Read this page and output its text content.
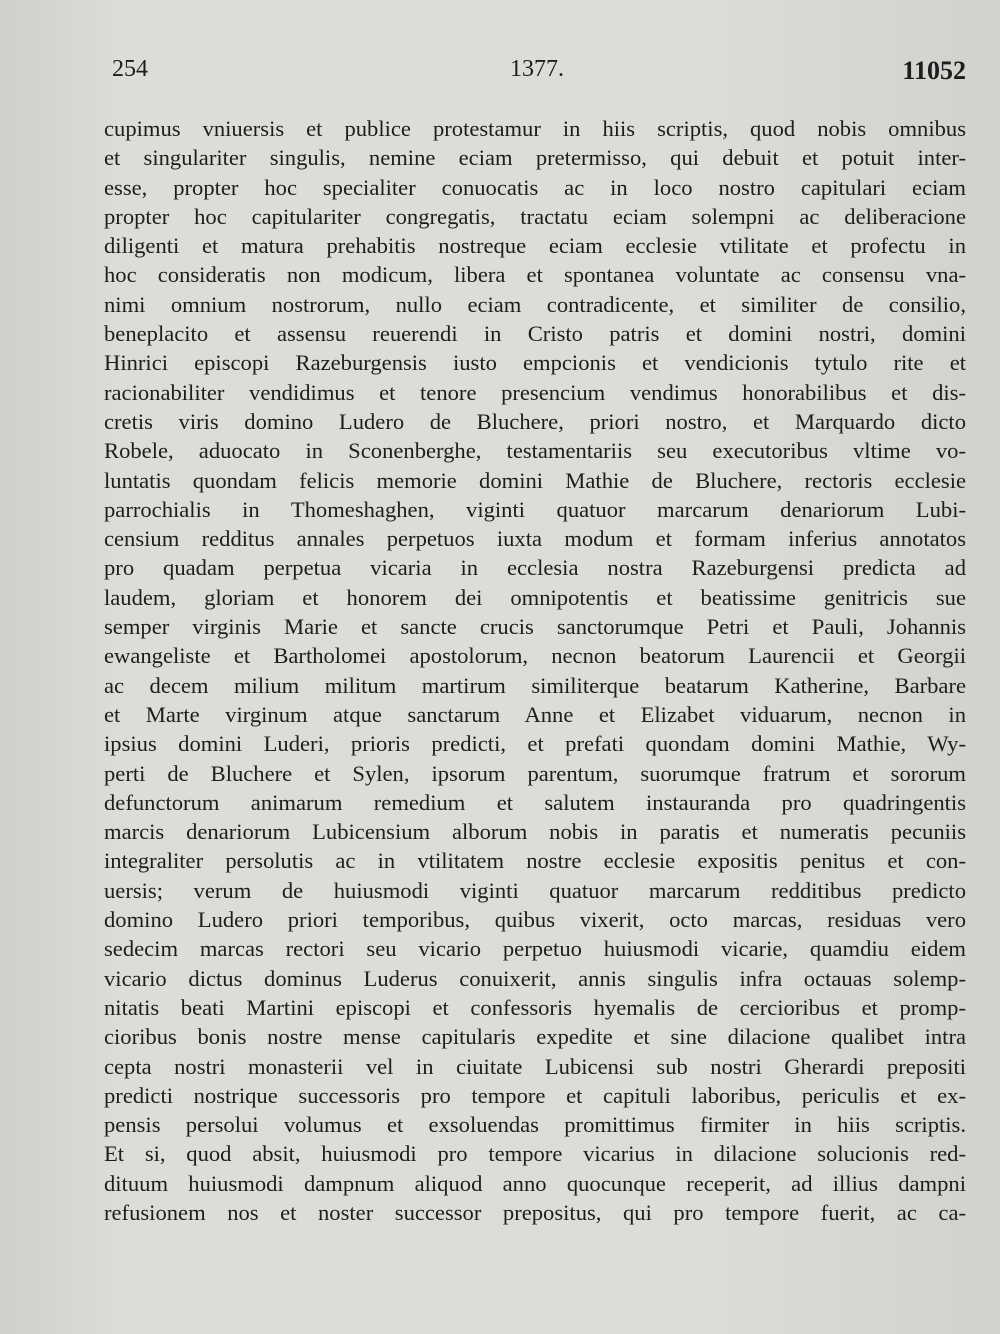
254	1377.	11052
cupimus vniuersis et publice protestamur in hiis scriptis, quod nobis omnibus
et singulariter singulis, nemine eciam pretermisso, qui debuit et potuit inter-
esse, propter hoc specialiter conuocatis ac in loco nostro capitulari eciam
propter hoc capitulariter congregatis, tractatu eciam solempni ac deliberacione
diligenti et matura prehabitis nostreque eciam ecclesie vtilitate et profectu in
hoc consideratis non modicum, libera et spontanea voluntate ac consensu vna-
nimi omnium nostrorum, nullo eciam contradicente, et similiter de consilio,
beneplacito et assensu reuerendi in Cristo patris et domini nostri, domini
Hinrici episcopi Razeburgensis iusto empcionis et vendicionis tytulo rite et
racionabiliter vendidimus et tenore presencium vendimus honorabilibus et dis-
cretis viris domino Ludero de Bluchere, priori nostro, et Marquardo dicto
Robele, aduocato in Sconenberghe, testamentariis seu executoribus vltime vo-
luntatis quondam felicis memorie domini Mathie de Bluchere, rectoris ecclesie
parrochialis in Thomeshaghen, viginti quatuor marcarum denariorum Lubi-
censium redditus annales perpetuos iuxta modum et formam inferius annotatos
pro quadam perpetua vicaria in ecclesia nostra Razeburgensi predicta ad
laudem, gloriam et honorem dei omnipotentis et beatissime genitricis sue
semper virginis Marie et sancte crucis sanctorumque Petri et Pauli, Johannis
ewangeliste et Bartholomei apostolorum, necnon beatorum Laurencii et Georgii
ac decem milium militum martirum similiterque beatarum Katherine, Barbare
et Marte virginum atque sanctarum Anne et Elizabet viduarum, necnon in
ipsius domini Luderi, prioris predicti, et prefati quondam domini Mathie, Wy-
perti de Bluchere et Sylen, ipsorum parentum, suorumque fratrum et sororum
defunctorum animarum remedium et salutem instauranda pro quadringentis
marcis denariorum Lubicensium alborum nobis in paratis et numeratis pecuniis
integraliter persolutis ac in vtilitatem nostre ecclesie expositis penitus et con-
uersis; verum de huiusmodi viginti quatuor marcarum redditibus predicto
domino Ludero priori temporibus, quibus vixerit, octo marcas, residuas vero
sedecim marcas rectori seu vicario perpetuo huiusmodi vicarie, quamdiu eidem
vicario dictus dominus Luderus conuixerit, annis singulis infra octauas solemp-
nitatis beati Martini episcopi et confessoris hyemalis de cercioribus et promp-
cioribus bonis nostre mense capitularis expedite et sine dilacione qualibet intra
cepta nostri monasterii vel in ciuitate Lubicensi sub nostri Gherardi prepositi
predicti nostrique successoris pro tempore et capituli laboribus, periculis et ex-
pensis persolui volumus et exsoluendas promittimus firmiter in hiis scriptis.
Et si, quod absit, huiusmodi pro tempore vicarius in dilacione solucionis red-
dituum huiusmodi dampnum aliquod anno quocunque receperit, ad illius dampni
refusionem nos et noster successor prepositus, qui pro tempore fuerit, ac ca-
